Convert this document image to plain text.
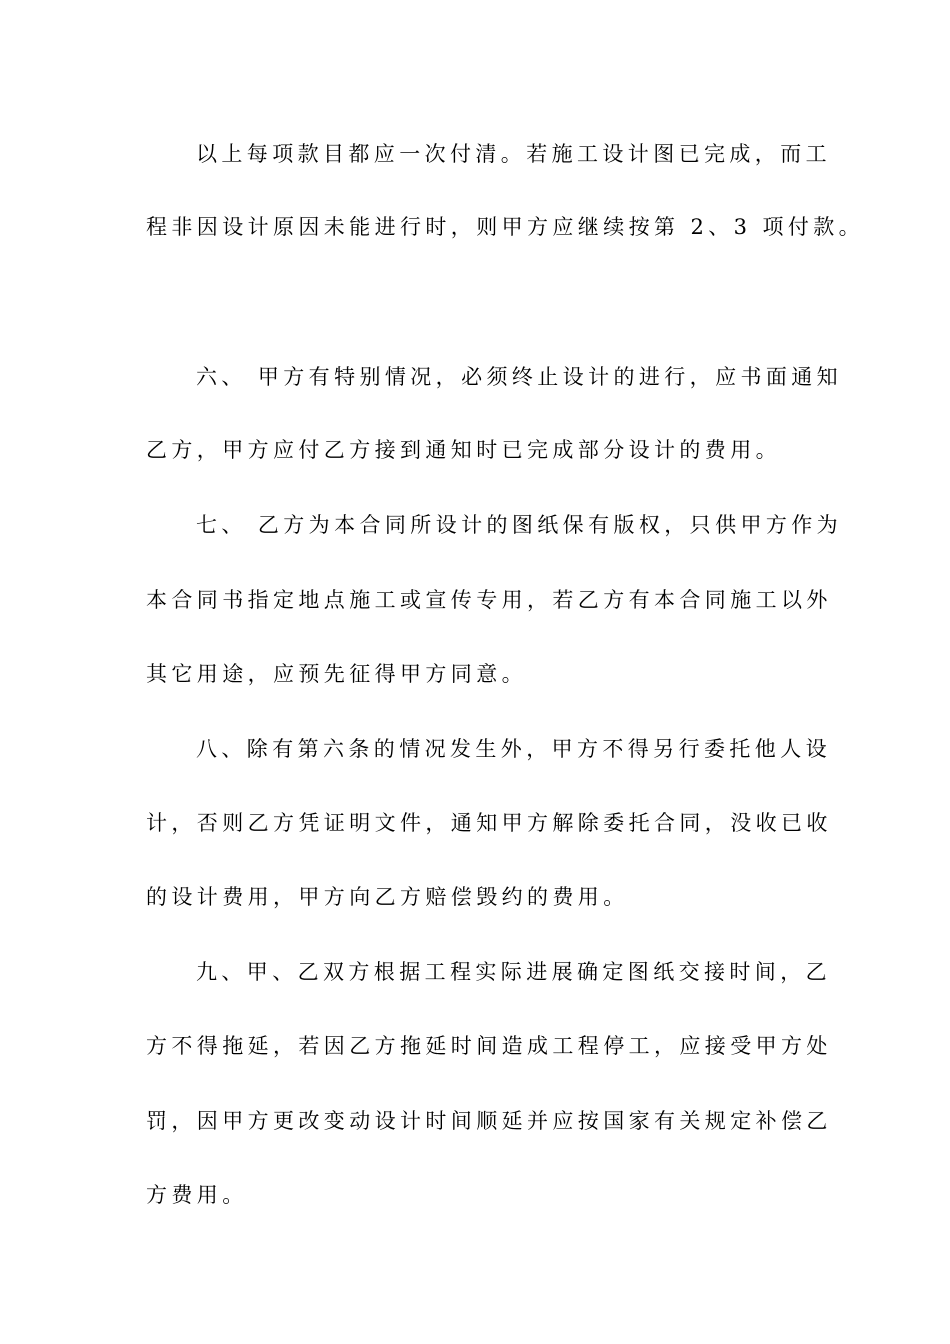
以上每项款目都应一次付清。若施工设计图已完成，而工
程非因设计原因未能进行时，则甲方应继续按第 2、3 项付款。
六、 甲方有特别情况，必须终止设计的进行，应书面通知
乙方，甲方应付乙方接到通知时已完成部分设计的费用。
七、 乙方为本合同所设计的图纸保有版权，只供甲方作为
本合同书指定地点施工或宣传专用，若乙方有本合同施工以外
其它用途，应预先征得甲方同意。
八、除有第六条的情况发生外，甲方不得另行委托他人设
计，否则乙方凭证明文件，通知甲方解除委托合同，没收已收
的设计费用，甲方向乙方赔偿毁约的费用。
九、甲、乙双方根据工程实际进展确定图纸交接时间，乙
方不得拖延，若因乙方拖延时间造成工程停工，应接受甲方处
罚，因甲方更改变动设计时间顺延并应按国家有关规定补偿乙
方费用。
